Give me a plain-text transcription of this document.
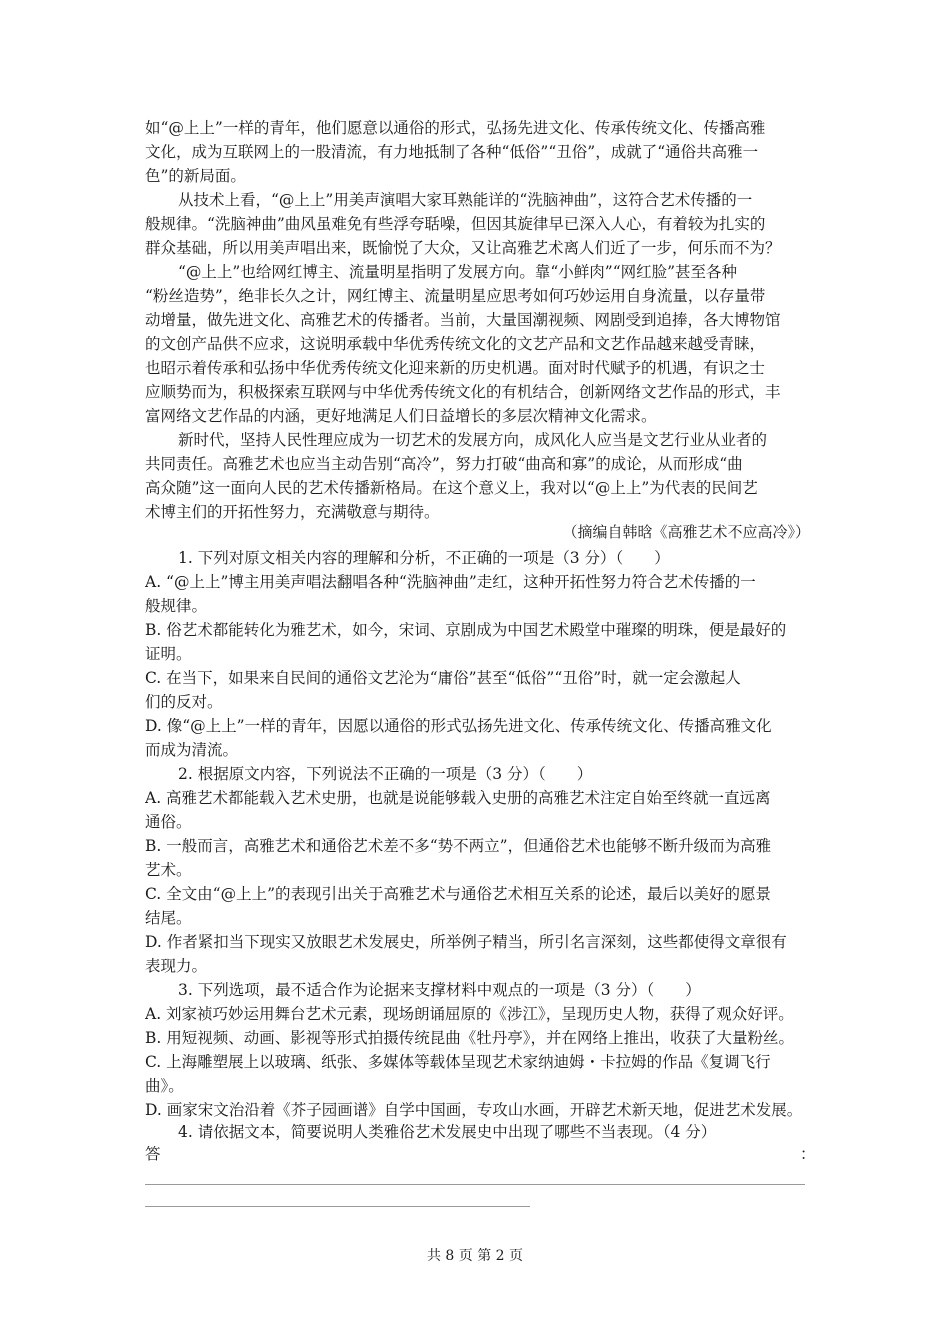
如“@上上”一样的青年，他们愿意以通俗的形式，弘扬先进文化、传承传统文化、传播高雅
文化，成为互联网上的一股清流，有力地抵制了各种“低俗”“丑俗”，成就了“通俗共高雅一
色”的新局面。
从技术上看，“@上上”用美声演唱大家耳熟能详的“洗脑神曲”，这符合艺术传播的一
般规律。“洗脑神曲”曲风虽难免有些浮夸聒噪，但因其旋律早已深入人心，有着较为扎实的
群众基础，所以用美声唱出来，既愉悦了大众，又让高雅艺术离人们近了一步，何乐而不为？
“@上上”也给网红博主、流量明星指明了发展方向。靠“小鲜肉”“网红脸”甚至各种
“粉丝造势”，绝非长久之计，网红博主、流量明星应思考如何巧妙运用自身流量，以存量带
动增量，做先进文化、高雅艺术的传播者。当前，大量国潮视频、网剧受到追捧，各大博物馆
的文创产品供不应求，这说明承载中华优秀传统文化的文艺产品和文艺作品越来越受青睐，
也昭示着传承和弘扬中华优秀传统文化迎来新的历史机遇。面对时代赋予的机遇，有识之士
应顺势而为，积极探索互联网与中华优秀传统文化的有机结合，创新网络文艺作品的形式，丰
富网络文艺作品的内涵，更好地满足人们日益增长的多层次精神文化需求。
新时代，坚持人民性理应成为一切艺术的发展方向，成风化人应当是文艺行业从业者的
共同责任。高雅艺术也应当主动告别“高冷”，努力打破“曲高和寡”的成论，从而形成“曲
高众随”这一面向人民的艺术传播新格局。在这个意义上，我对以“@上上”为代表的民间艺
术博主们的开拓性努力，充满敬意与期待。
（摘编自韩晗《高雅艺术不应高冷》）
1. 下列对原文相关内容的理解和分析，不正确的一项是（3 分）（　　）
A. “@上上”博主用美声唱法翻唱各种“洗脑神曲”走红，这种开拓性努力符合艺术传播的一
般规律。
B. 俗艺术都能转化为雅艺术，如今，宋词、京剧成为中国艺术殿堂中璀璨的明珠，便是最好的
证明。
C. 在当下，如果来自民间的通俗文艺沦为“庸俗”甚至“低俗”“丑俗”时，就一定会激起人
们的反对。
D. 像“@上上”一样的青年，因愿以通俗的形式弘扬先进文化、传承传统文化、传播高雅文化
而成为清流。
2. 根据原文内容，下列说法不正确的一项是（3 分）（　　）
A. 高雅艺术都能载入艺术史册，也就是说能够载入史册的高雅艺术注定自始至终就一直远离
通俗。
B. 一般而言，高雅艺术和通俗艺术差不多“势不两立”，但通俗艺术也能够不断升级而为高雅
艺术。
C. 全文由“@上上”的表现引出关于高雅艺术与通俗艺术相互关系的论述，最后以美好的愿景
结尾。
D. 作者紧扣当下现实又放眼艺术发展史，所举例子精当，所引名言深刻，这些都使得文章很有
表现力。
3. 下列选项，最不适合作为论据来支撑材料中观点的一项是（3 分）（　　）
A. 刘家祯巧妙运用舞台艺术元素，现场朗诵屈原的《涉江》，呈现历史人物，获得了观众好评。
B. 用短视频、动画、影视等形式拍摄传统昆曲《牡丹亭》，并在网络上推出，收获了大量粉丝。
C. 上海雕塑展上以玻璃、纸张、多媒体等载体呈现艺术家纳迪姆・卡拉姆的作品《复调飞行
曲》。
D. 画家宋文治沿着《芥子园画谱》自学中国画，专攻山水画，开辟艺术新天地，促进艺术发展。
4. 请依据文本，简要说明人类雅俗艺术发展史中出现了哪些不当表现。（4 分）
答	：
共 8 页 第 2 页
